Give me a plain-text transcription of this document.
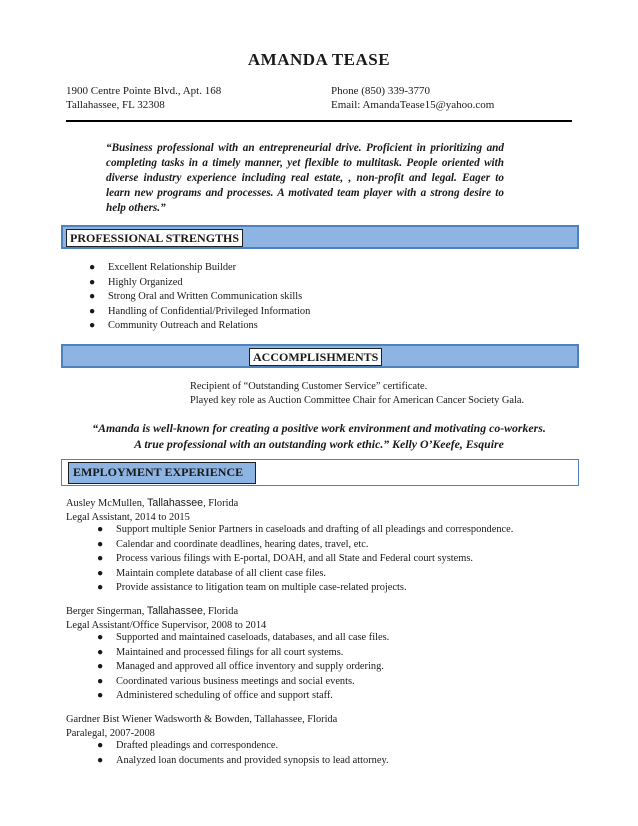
AMANDA TEASE
1900 Centre Pointe Blvd., Apt. 168
Tallahassee, FL 32308
Phone (850) 339-3770
Email: AmandaTease15@yahoo.com
“Business professional with an entrepreneurial drive. Proficient in prioritizing and completing tasks in a timely manner, yet flexible to multitask. People oriented with diverse industry experience including real estate, , non-profit and legal. Eager to learn new programs and processes. A motivated team player with a strong desire to help others.”
PROFESSIONAL STRENGTHS
● Excellent Relationship Builder
● Highly Organized
● Strong Oral and Written Communication skills
● Handling of Confidential/Privileged Information
● Community Outreach and Relations
ACCOMPLISHMENTS
Recipient of “Outstanding Customer Service” certificate.
Played key role as Auction Committee Chair for American Cancer Society Gala.
“Amanda is well-known for creating a positive work environment and motivating co-workers.
A true professional with an outstanding work ethic.” Kelly O’Keefe, Esquire
EMPLOYMENT EXPERIENCE
Ausley McMullen, Tallahassee, Florida
Legal Assistant, 2014 to 2015
● Support multiple Senior Partners in caseloads and drafting of all pleadings and correspondence.
● Calendar and coordinate deadlines, hearing dates, travel, etc.
● Process various filings with E-portal, DOAH, and all State and Federal court systems.
● Maintain complete database of all client case files.
● Provide assistance to litigation team on multiple case-related projects.
Berger Singerman, Tallahassee, Florida
Legal Assistant/Office Supervisor, 2008 to 2014
● Supported and maintained caseloads, databases, and all case files.
● Maintained and processed filings for all court systems.
● Managed and approved all office inventory and supply ordering.
● Coordinated various business meetings and social events.
● Administered scheduling of office and support staff.
Gardner Bist Wiener Wadsworth & Bowden, Tallahassee, Florida
Paralegal, 2007-2008
● Drafted pleadings and correspondence.
● Analyzed loan documents and provided synopsis to lead attorney.
